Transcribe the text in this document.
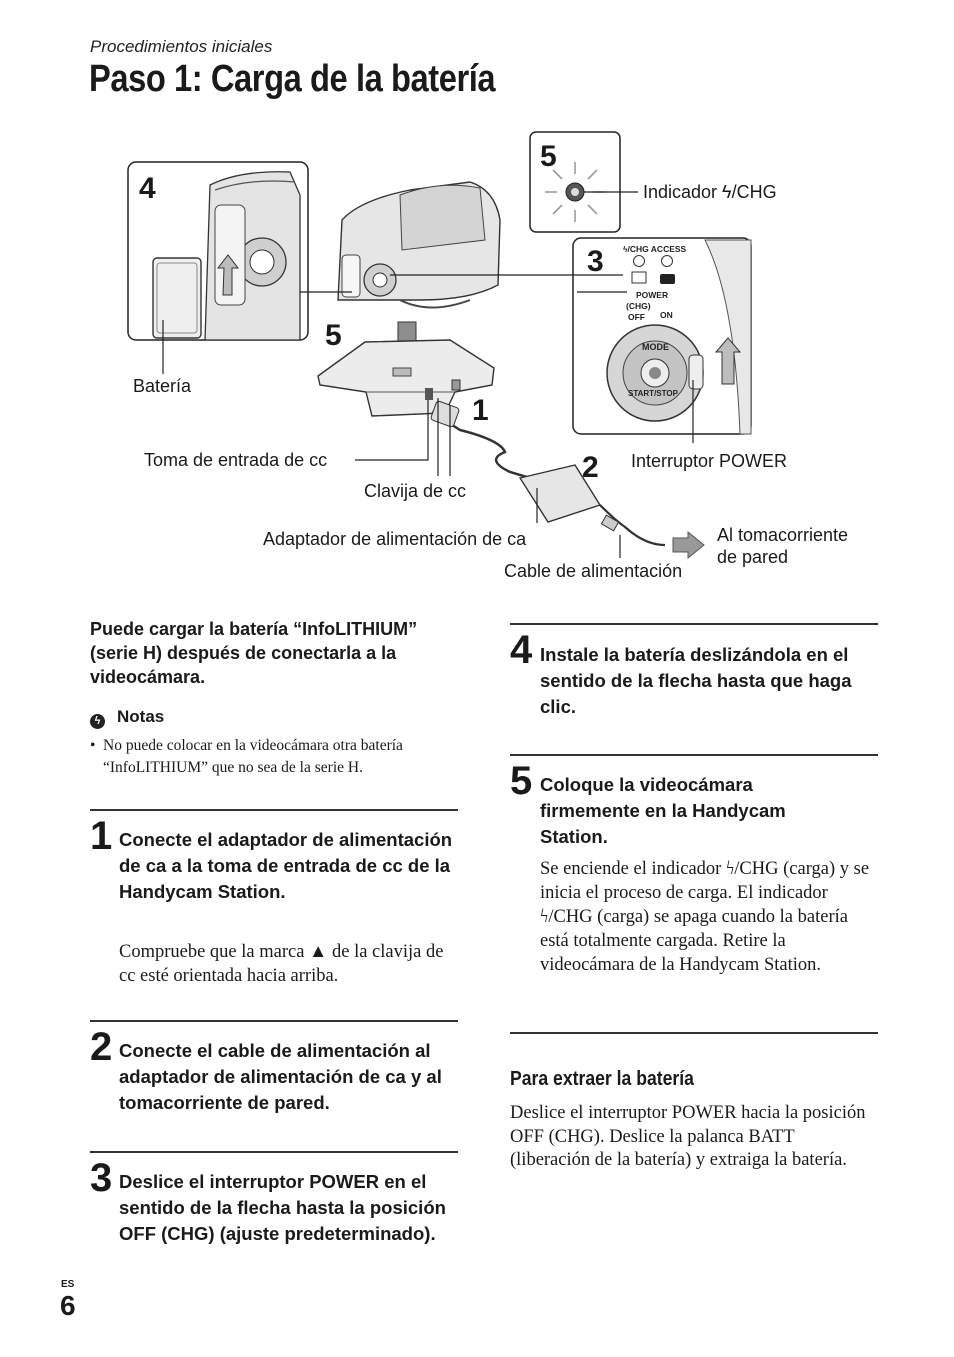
Procedimientos iniciales
Paso 1: Carga de la batería
ϟ/CHG ACCESS
POWER
(CHG)
OFF ON
MODE
START/STOP
4
5
5
3
1
2
Indicador ϟ/CHG
Batería
Toma de entrada de cc
Clavija de cc
Adaptador de alimentación de ca
Cable de alimentación
Interruptor POWER
Al tomacorriente
de pared
Puede cargar la batería “InfoLITHIUM” (serie H) después de conectarla a la videocámara.
ϟ Notas
• No puede colocar en la videocámara otra batería “InfoLITHIUM” que no sea de la serie H.
1 Conecte el adaptador de alimentación de ca a la toma de entrada de cc de la Handycam Station.
Compruebe que la marca ▲ de la clavija de cc esté orientada hacia arriba.
2 Conecte el cable de alimentación al adaptador de alimentación de ca y al tomacorriente de pared.
3 Deslice el interruptor POWER en el sentido de la flecha hasta la posición OFF (CHG) (ajuste predeterminado).
4 Instale la batería deslizándola en el sentido de la flecha hasta que haga clic.
5 Coloque la videocámara firmemente en la Handycam Station.
Se enciende el indicador ϟ/CHG (carga) y se inicia el proceso de carga. El indicador ϟ/CHG (carga) se apaga cuando la batería está totalmente cargada. Retire la videocámara de la Handycam Station.
Para extraer la batería
Deslice el interruptor POWER hacia la posición OFF (CHG). Deslice la palanca BATT (liberación de la batería) y extraiga la batería.
ES
6
